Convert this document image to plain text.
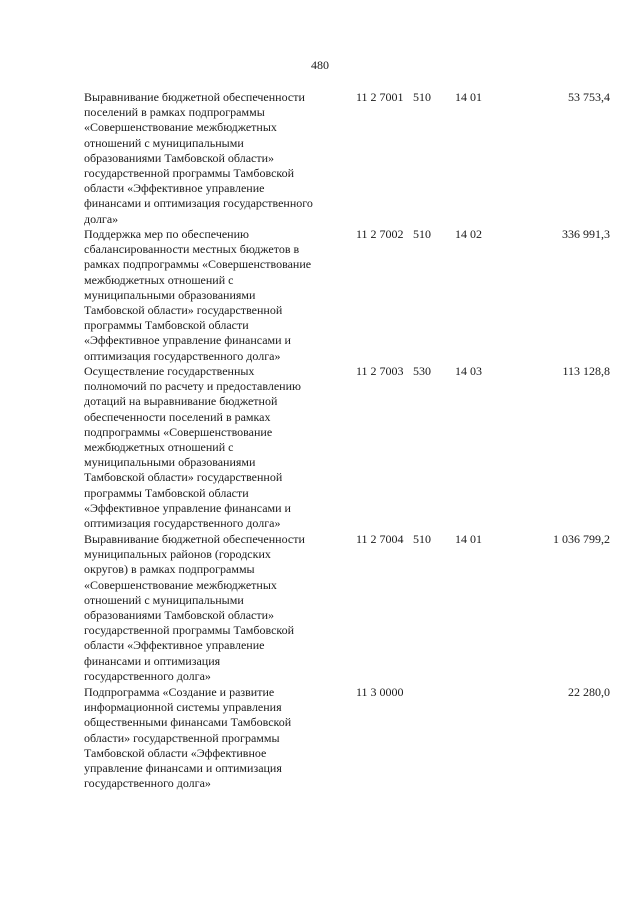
480
Выравнивание бюджетной обеспеченности
поселений в рамках подпрограммы
«Совершенствование межбюджетных
отношений с муниципальными
образованиями Тамбовской области»
государственной программы Тамбовской
области «Эффективное управление
финансами и оптимизация государственного
долга»
11 2 7001 510 14 01	53 753,4
Поддержка мер по обеспечению
сбалансированности местных бюджетов в
рамках подпрограммы «Совершенствование
межбюджетных отношений с
муниципальными образованиями
Тамбовской области» государственной
программы Тамбовской области
«Эффективное управление финансами и
оптимизация государственного долга»
11 2 7002 510 14 02	336 991,3
Осуществление государственных
полномочий по расчету и предоставлению
дотаций на выравнивание бюджетной
обеспеченности поселений в рамках
подпрограммы «Совершенствование
межбюджетных отношений с
муниципальными образованиями
Тамбовской области» государственной
программы Тамбовской области
«Эффективное управление финансами и
оптимизация государственного долга»
11 2 7003 530 14 03	113 128,8
Выравнивание бюджетной обеспеченности
муниципальных районов (городских
округов) в рамках подпрограммы
«Совершенствование межбюджетных
отношений с муниципальными
образованиями Тамбовской области»
государственной программы Тамбовской
области «Эффективное управление
финансами и оптимизация
государственного долга»
11 2 7004 510 14 01	1 036 799,2
Подпрограмма «Создание и развитие
информационной системы управления
общественными финансами Тамбовской
области» государственной программы
Тамбовской области «Эффективное
управление финансами и оптимизация
государственного долга»
11 3 0000	22 280,0
